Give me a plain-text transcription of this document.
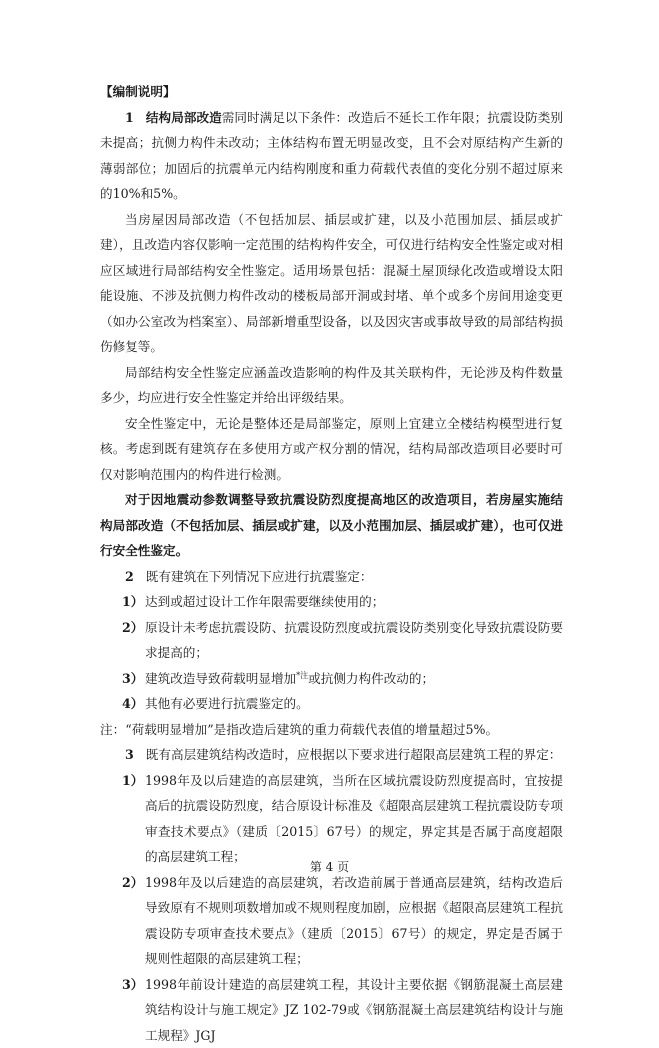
【编制说明】

1 结构局部改造需同时满足以下条件：改造后不延长工作年限；抗震设防类别未提高；抗侧力构件未改动；主体结构布置无明显改变，且不会对原结构产生新的薄弱部位；加固后的抗震单元内结构刚度和重力荷载代表值的变化分别不超过原来的10%和5%。

当房屋因局部改造（不包括加层、插层或扩建，以及小范围加层、插层或扩建），且改造内容仅影响一定范围的结构构件安全，可仅进行结构安全性鉴定或对相应区域进行局部结构安全性鉴定。适用场景包括：混凝土屋顶绿化改造或增设太阳能设施、不涉及抗侧力构件改动的楼板局部开洞或封堵、单个或多个房间用途变更（如办公室改为档案室）、局部新增重型设备，以及因灾害或事故导致的局部结构损伤修复等。

局部结构安全性鉴定应涵盖改造影响的构件及其关联构件，无论涉及构件数量多少，均应进行安全性鉴定并给出评级结果。

安全性鉴定中，无论是整体还是局部鉴定，原则上宜建立全楼结构模型进行复核。考虑到既有建筑存在多使用方或产权分割的情况，结构局部改造项目必要时可仅对影响范围内的构件进行检测。

对于因地震动参数调整导致抗震设防烈度提高地区的改造项目，若房屋实施结构局部改造（不包括加层、插层或扩建，以及小范围加层、插层或扩建），也可仅进行安全性鉴定。

2 既有建筑在下列情况下应进行抗震鉴定：

1） 达到或超过设计工作年限需要继续使用的；

2） 原设计未考虑抗震设防、抗震设防烈度或抗震设防类别变化导致抗震设防要求提高的；

3） 建筑改造导致荷载明显增加$^{*注}$或抗侧力构件改动的；

4） 其他有必要进行抗震鉴定的。

注：“荷载明显增加”是指改造后建筑的重力荷载代表值的增量超过5%。

3 既有高层建筑结构改造时，应根据以下要求进行超限高层建筑工程的界定：

1） 1998年及以后建造的高层建筑，当所在区域抗震设防烈度提高时，宜按提高后的抗震设防烈度，结合原设计标准及《超限高层建筑工程抗震设防专项审查技术要点》（建质〔2015〕67号）的规定，界定其是否属于高度超限的高层建筑工程；

2） 1998年及以后建造的高层建筑，若改造前属于普通高层建筑，结构改造后导致原有不规则项数增加或不规则程度加剧，应根据《超限高层建筑工程抗震设防专项审查技术要点》（建质〔2015〕67号）的规定，界定是否属于规则性超限的高层建筑工程；

3） 1998年前设计建造的高层建筑工程，其设计主要依据《钢筋混凝土高层建筑结构设计与施工规定》JZ 102-79或《钢筋混凝土高层建筑结构设计与施工规程》JGJ

第 4 页
